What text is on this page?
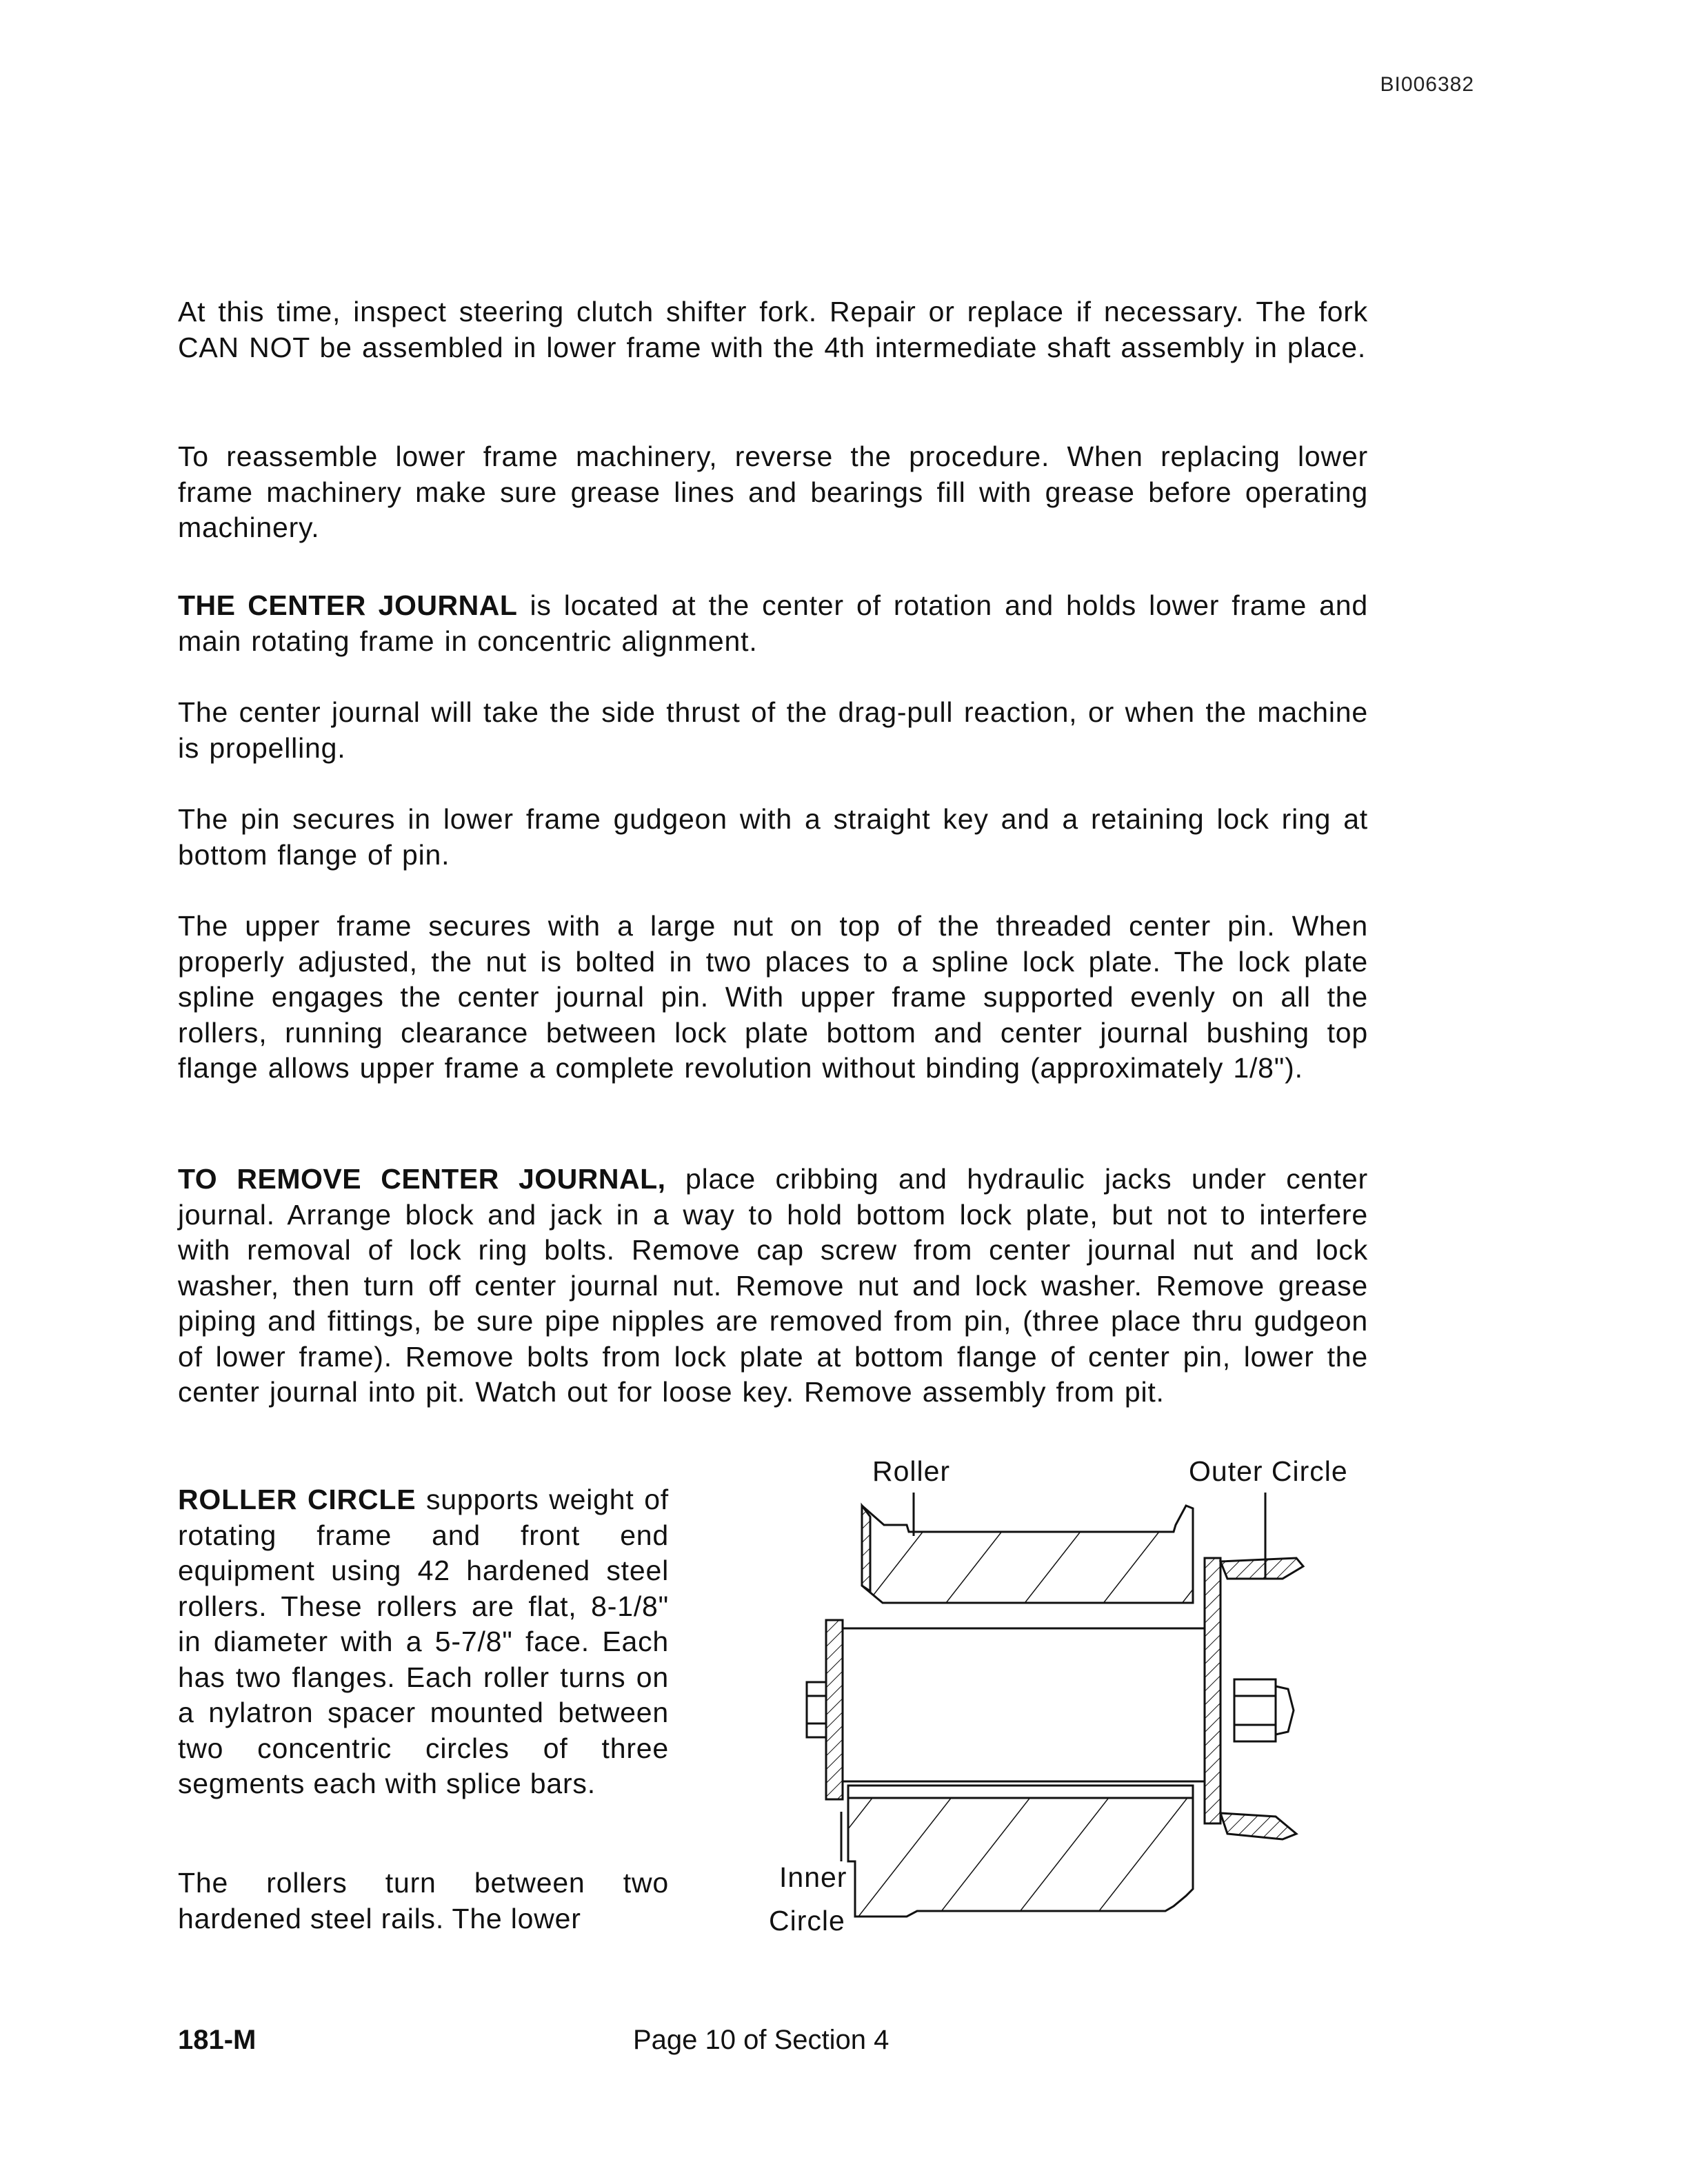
BI006382

At this time, inspect steering clutch shifter fork. Repair or replace if necessary. The fork CAN NOT be assembled in lower frame with the 4th intermediate shaft assembly in place.

To reassemble lower frame machinery, reverse the procedure. When replacing lower frame machinery make sure grease lines and bearings fill with grease before operating machinery.

THE CENTER JOURNAL is located at the center of rotation and holds lower frame and main rotating frame in concentric alignment.

The center journal will take the side thrust of the drag-pull reaction, or when the machine is propelling.

The pin secures in lower frame gudgeon with a straight key and a retaining lock ring at bottom flange of pin.

The upper frame secures with a large nut on top of the threaded center pin. When properly adjusted, the nut is bolted in two places to a spline lock plate. The lock plate spline engages the center journal pin. With upper frame supported evenly on all the rollers, running clearance between lock plate bottom and center journal bushing top flange allows upper frame a complete revolution without binding (approximately 1/8").

TO REMOVE CENTER JOURNAL, place cribbing and hydraulic jacks under center journal. Arrange block and jack in a way to hold bottom lock plate, but not to interfere with removal of lock ring bolts. Remove cap screw from center journal nut and lock washer, then turn off center journal nut. Remove nut and lock washer. Remove grease piping and fittings, be sure pipe nipples are removed from pin, (three place thru gudgeon of lower frame). Remove bolts from lock plate at bottom flange of center pin, lower the center journal into pit. Watch out for loose key. Remove assembly from pit.

ROLLER CIRCLE supports weight of rotating frame and front end equipment using 42 hardened steel rollers. These rollers are flat, 8-1/8" in diameter with a 5-7/8" face. Each has two flanges. Each roller turns on a nylatron spacer mounted between two concentric circles of three segments each with splice bars.

The rollers turn between two hardened steel rails. The lower

Roller	Outer Circle
Inner
Circle
181-M	Page 10 of Section 4
